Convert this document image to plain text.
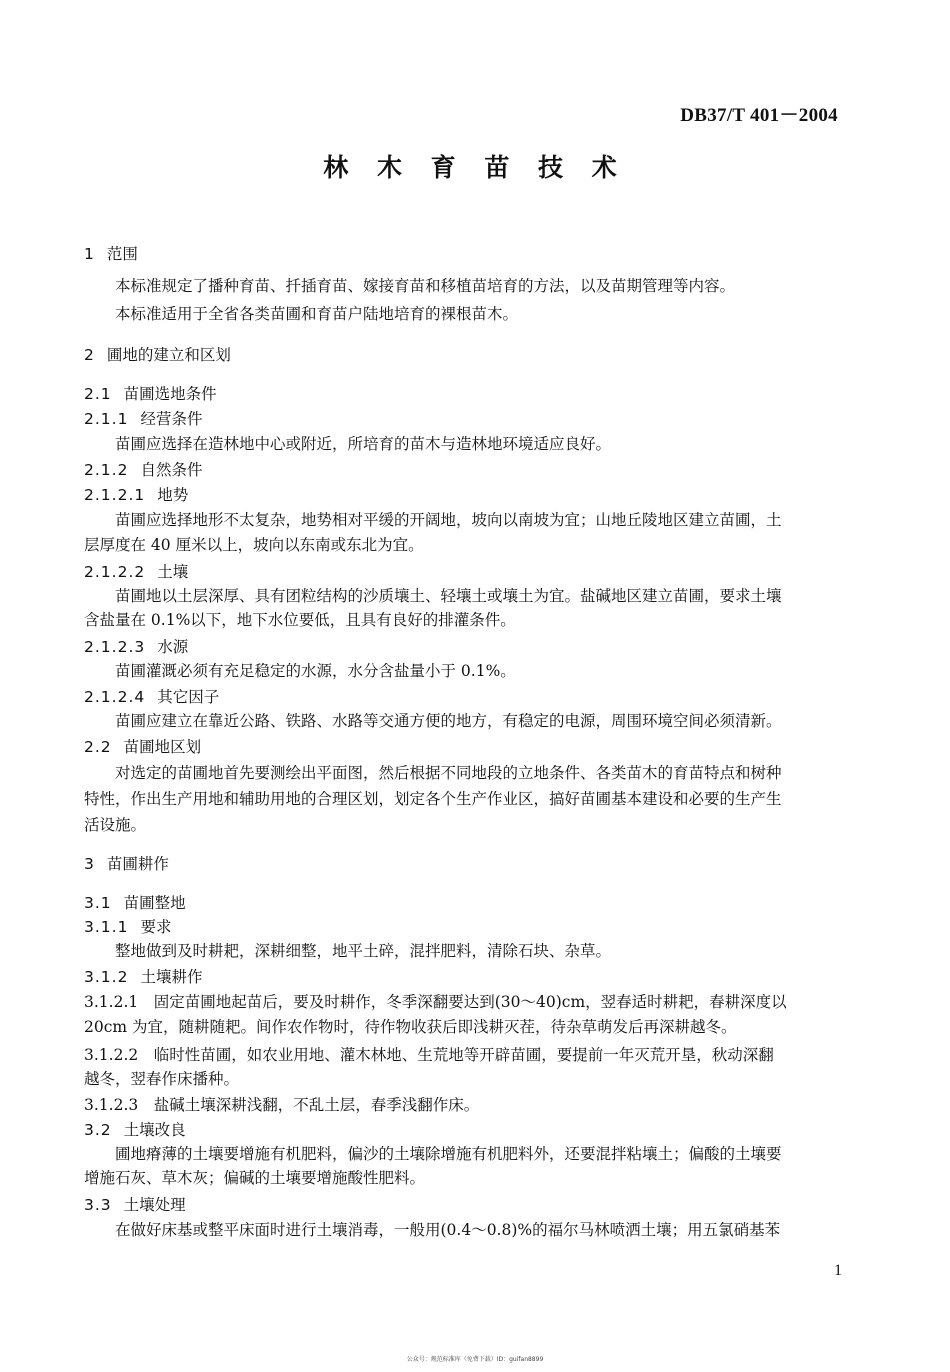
DB37/T 401－2004
林 木 育 苗 技 术
1 范围
本标准规定了播种育苗、扦插育苗、嫁接育苗和移植苗培育的方法，以及苗期管理等内容。
本标准适用于全省各类苗圃和育苗户陆地培育的裸根苗木。
2 圃地的建立和区划
2.1 苗圃选地条件
2.1.1 经营条件
苗圃应选择在造林地中心或附近，所培育的苗木与造林地环境适应良好。
2.1.2 自然条件
2.1.2.1 地势
苗圃应选择地形不太复杂，地势相对平缓的开阔地，坡向以南坡为宜；山地丘陵地区建立苗圃，土
层厚度在 40 厘米以上，坡向以东南或东北为宜。
2.1.2.2 土壤
苗圃地以土层深厚、具有团粒结构的沙质壤土、轻壤土或壤土为宜。盐碱地区建立苗圃，要求土壤
含盐量在 0.1%以下，地下水位要低，且具有良好的排灌条件。
2.1.2.3 水源
苗圃灌溉必须有充足稳定的水源，水分含盐量小于 0.1%。
2.1.2.4 其它因子
苗圃应建立在靠近公路、铁路、水路等交通方便的地方，有稳定的电源，周围环境空间必须清新。
2.2 苗圃地区划
对选定的苗圃地首先要测绘出平面图，然后根据不同地段的立地条件、各类苗木的育苗特点和树种
特性，作出生产用地和辅助用地的合理区划，划定各个生产作业区，搞好苗圃基本建设和必要的生产生
活设施。
3 苗圃耕作
3.1 苗圃整地
3.1.1 要求
整地做到及时耕耙，深耕细整，地平土碎，混拌肥料，清除石块、杂草。
3.1.2 土壤耕作
3.1.2.1　固定苗圃地起苗后，要及时耕作，冬季深翻要达到(30～40)cm，翌春适时耕耙，春耕深度以
20cm 为宜，随耕随耙。间作农作物时，待作物收获后即浅耕灭茬，待杂草萌发后再深耕越冬。
3.1.2.2　临时性苗圃，如农业用地、灌木林地、生荒地等开辟苗圃，要提前一年灭荒开垦，秋动深翻
越冬，翌春作床播种。
3.1.2.3　盐碱土壤深耕浅翻，不乱土层，春季浅翻作床。
3.2 土壤改良
圃地瘠薄的土壤要增施有机肥料，偏沙的土壤除增施有机肥料外，还要混拌粘壤土；偏酸的土壤要
增施石灰、草木灰；偏碱的土壤要增施酸性肥料。
3.3 土壤处理
在做好床基或整平床面时进行土壤消毒，一般用(0.4～0.8)%的福尔马林喷洒土壤；用五氯硝基苯
1
公众号：规范标准库（免费下载）ID：guifan8899
